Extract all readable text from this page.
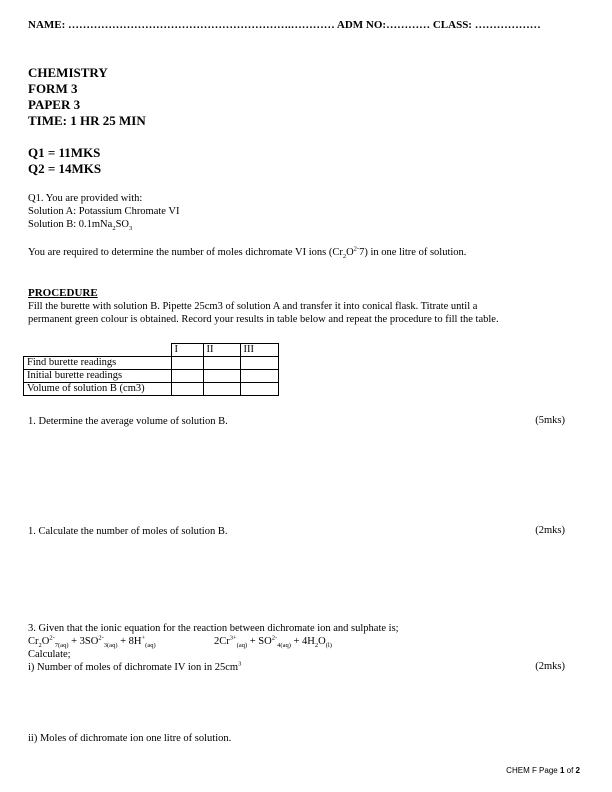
NAME: …………………………………………………….………… ADM NO:………… CLASS: ………………
CHEMISTRY
FORM 3
PAPER 3
TIME: 1 HR 25 MIN
Q1 = 11MKS
Q2 = 14MKS
Q1. You are provided with:
Solution A: Potassium Chromate VI
Solution B: $0.1mNa_2SO_3$
You are required to determine the number of moles dichromate VI ions $(Cr_2O^{2-}7)$ in one litre of solution.
PROCEDURE
Fill the burette with solution B. Pipette 25cm3 of solution A and transfer it into conical flask. Titrate until a
permanent green colour is obtained. Record your results in table below and repeat the procedure to fill the table.
	I	II	III
Find burette readings			
Initial burette readings			
Volume of solution B (cm3)			
1. Determine the average volume of solution B.	(5mks)
1. Calculate the number of moles of solution B.	(2mks)
3. Given that the ionic equation for the reaction between dichromate ion and sulphate is;
$Cr_2O^{2-}_{7(aq)} + 3SO^{2-}_{3(aq)} + 8H^+_{(aq)}$	$2Cr^{3+}_{(aq)} + SO^{2-}_{4(aq)} + 4H_2O_{(l)}$
Calculate;
i) Number of moles of dichromate IV ion in $25cm^3$	(2mks)
ii) Moles of dichromate ion one litre of solution.
CHEM F Page 1 of 2
